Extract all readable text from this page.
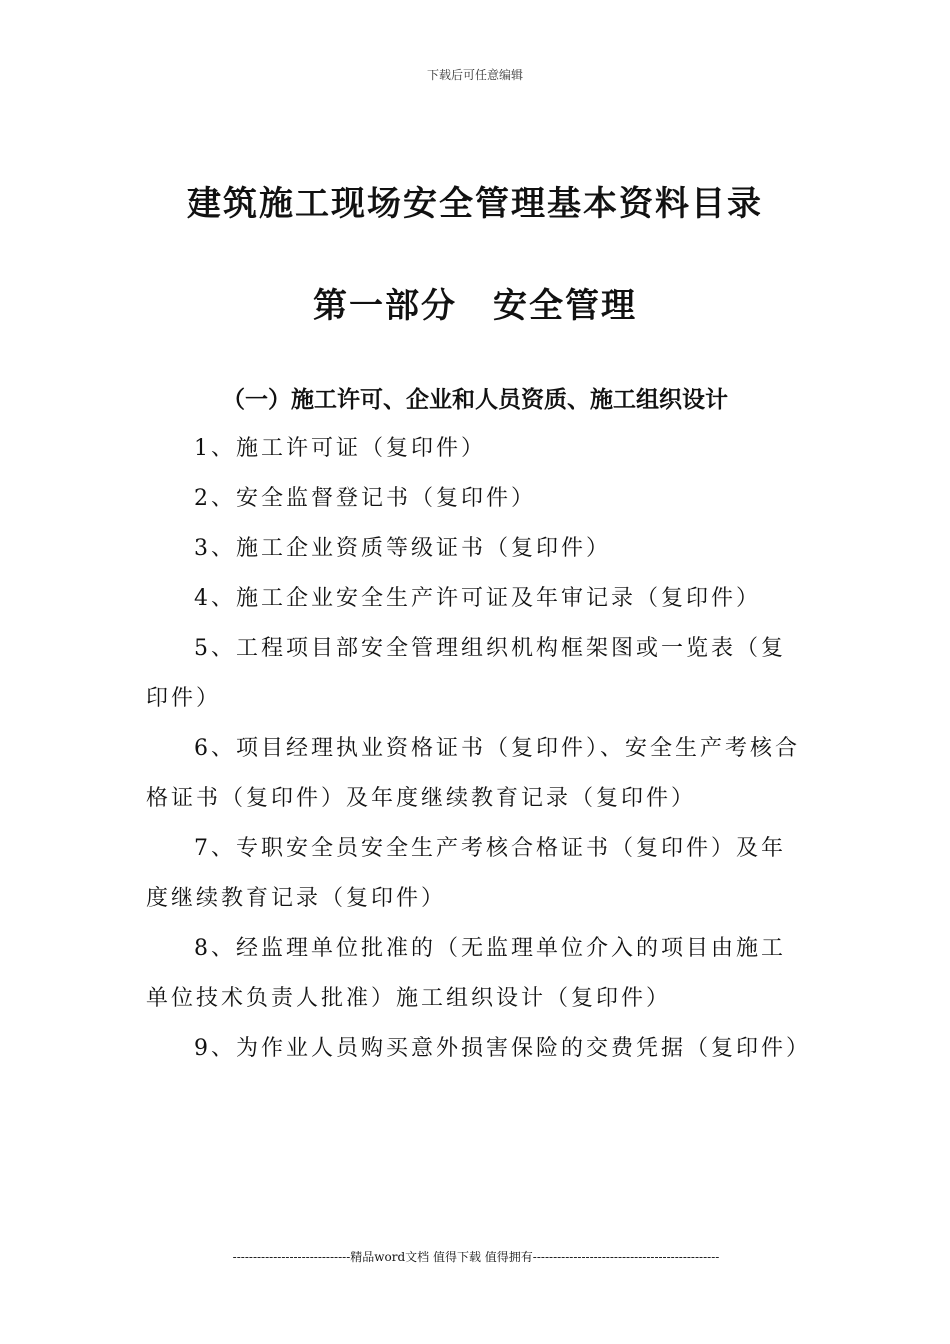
下载后可任意编辑
建筑施工现场安全管理基本资料目录
第一部分　安全管理
（一）施工许可、企业和人员资质、施工组织设计
1、施工许可证（复印件）
2、安全监督登记书（复印件）
3、施工企业资质等级证书（复印件）
4、施工企业安全生产许可证及年审记录（复印件）
5、工程项目部安全管理组织机构框架图或一览表（复印件）
6、项目经理执业资格证书（复印件）、安全生产考核合格证书（复印件）及年度继续教育记录（复印件）
7、专职安全员安全生产考核合格证书（复印件）及年度继续教育记录（复印件）
8、经监理单位批准的（无监理单位介入的项目由施工单位技术负责人批准）施工组织设计（复印件）
9、为作业人员购买意外损害保险的交费凭据（复印件）
-----------------------------精品word文档 值得下载 值得拥有----------------------------------------------
